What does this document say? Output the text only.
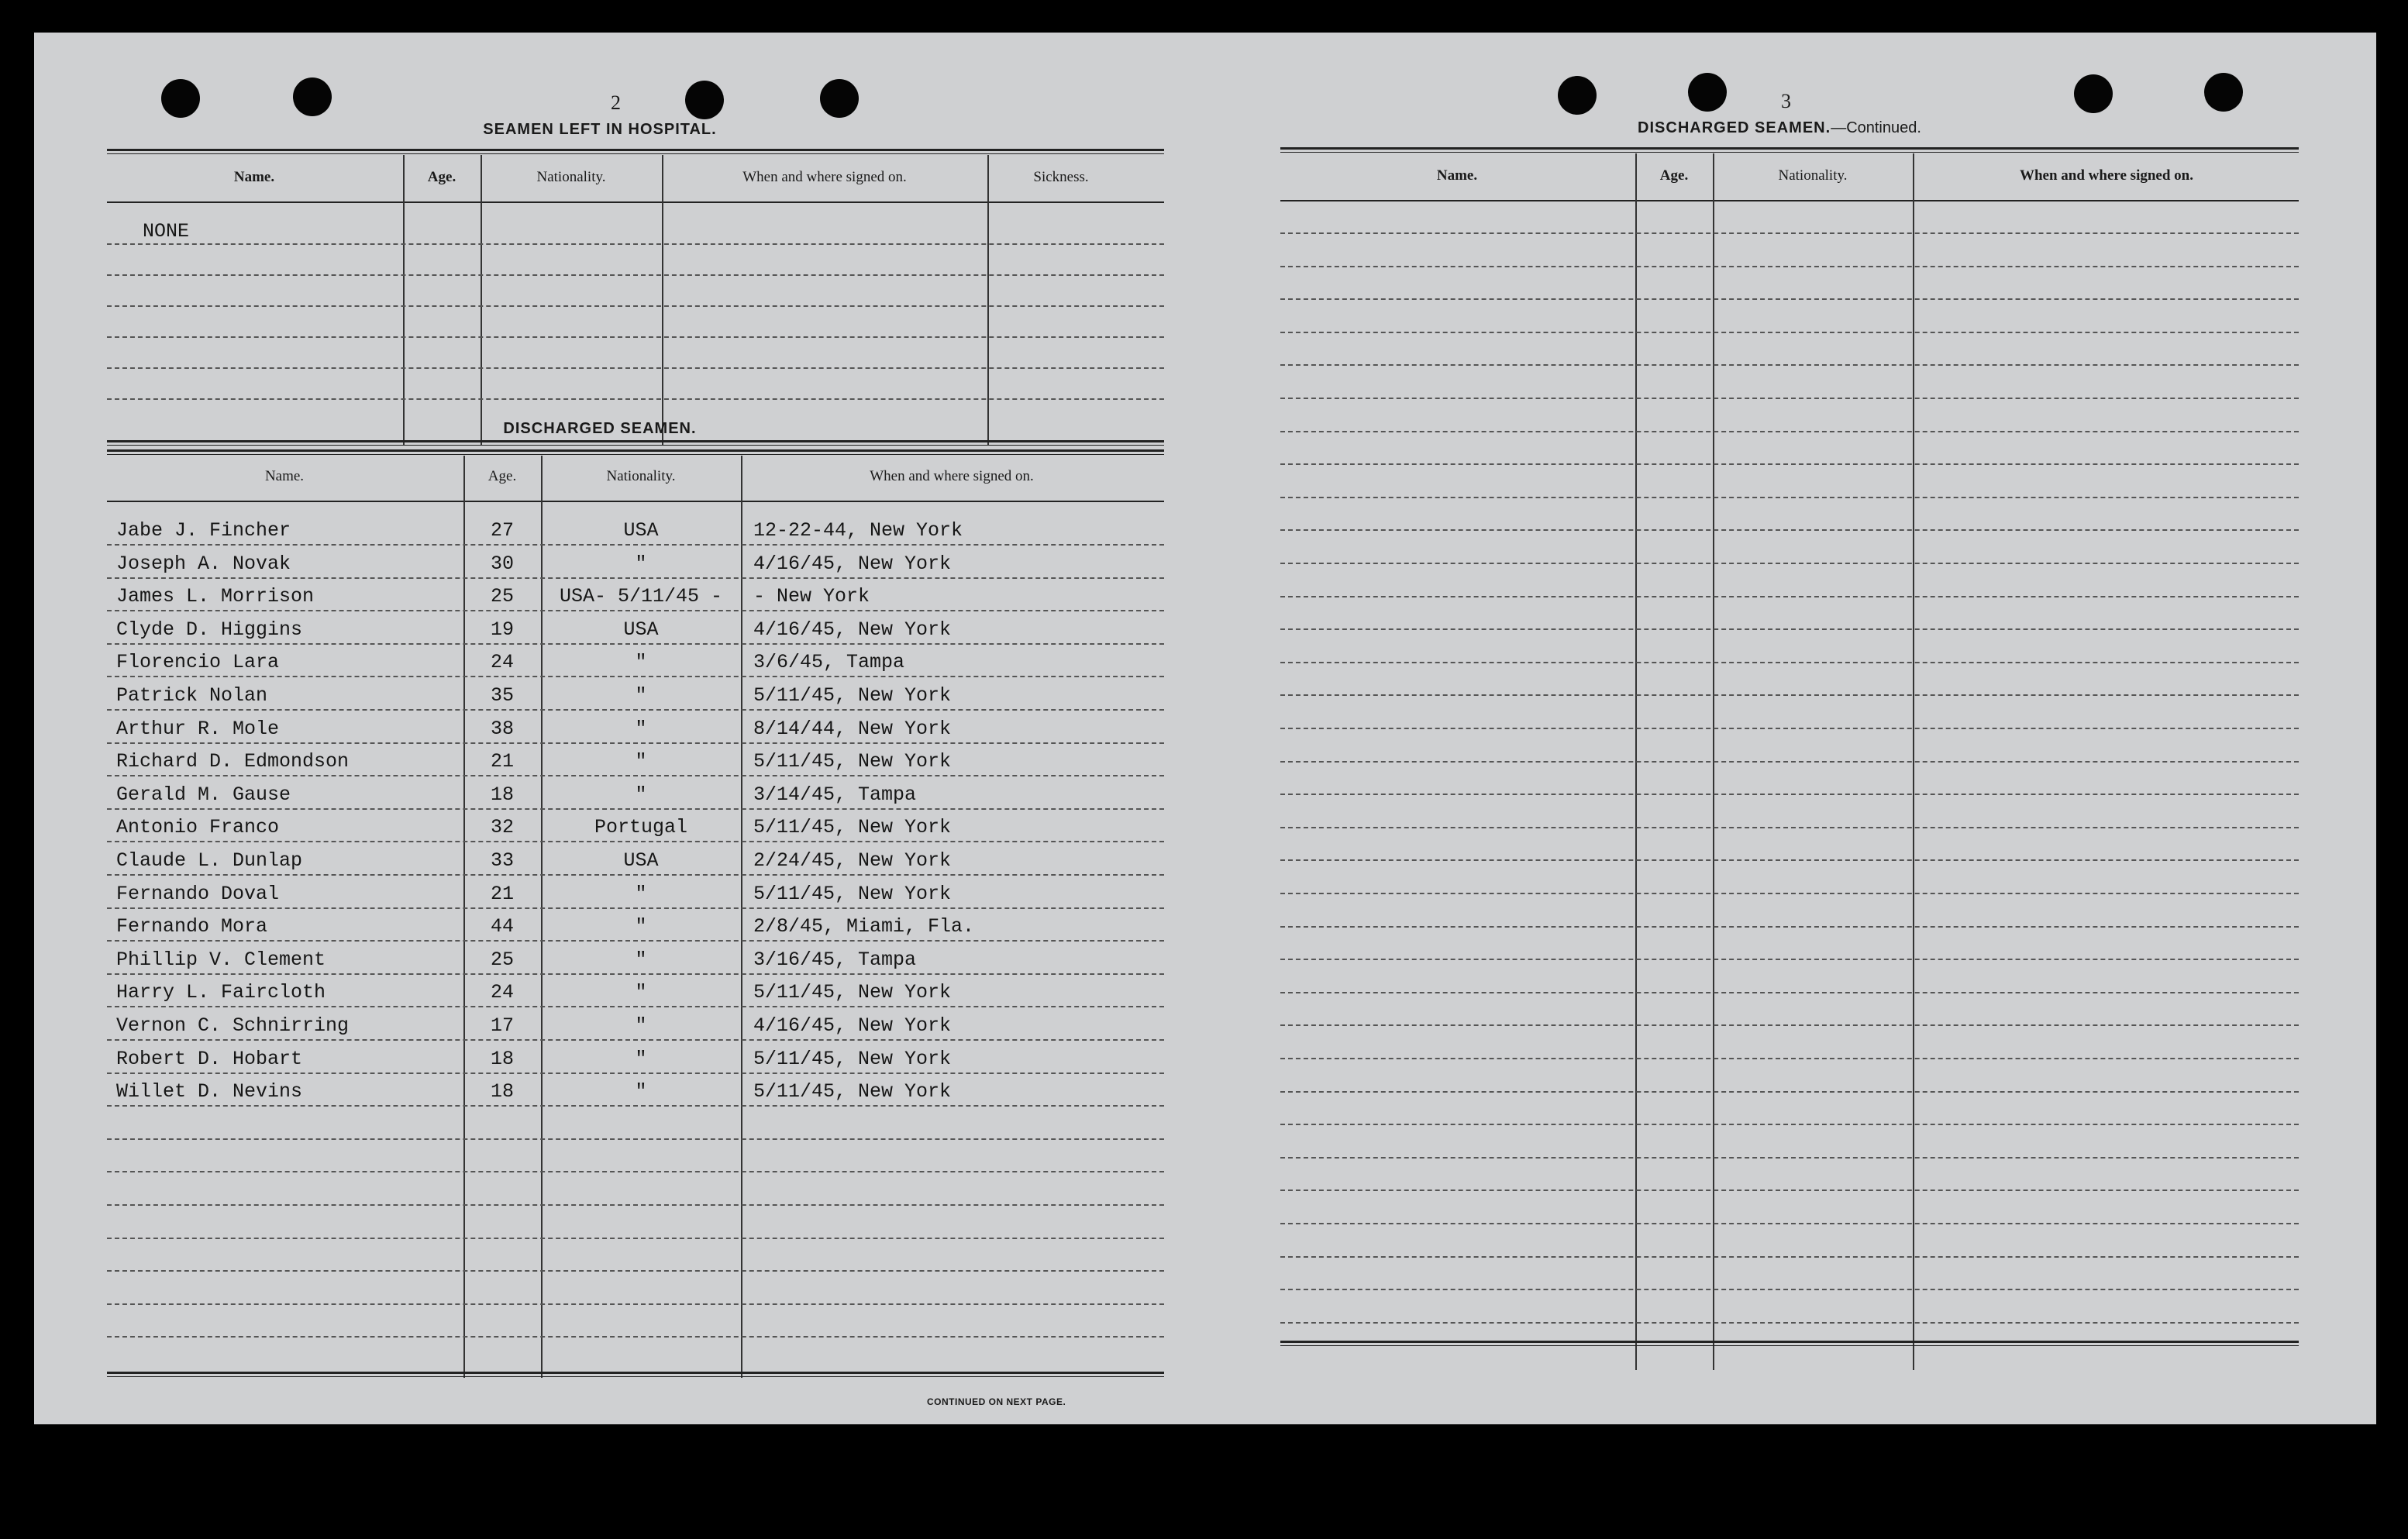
2
SEAMEN LEFT IN HOSPITAL.
Name.	Age.	Nationality.	When and where signed on.	Sickness.
NONE
DISCHARGED SEAMEN.
Name.	Age.	Nationality.	When and where signed on.
Jabe J. Fincher	27	USA	12-22-44, New York
Joseph A. Novak	30	"	4/16/45, New York
James L. Morrison	25	USA- 5/11/45 -	- New York
Clyde D. Higgins	19	USA	4/16/45, New York
Florencio Lara	24	"	3/6/45, Tampa
Patrick Nolan	35	"	5/11/45, New York
Arthur R. Mole	38	"	8/14/44, New York
Richard D. Edmondson	21	"	5/11/45, New York
Gerald M. Gause	18	"	3/14/45, Tampa
Antonio Franco	32	Portugal	5/11/45, New York
Claude L. Dunlap	33	USA	2/24/45, New York
Fernando Doval	21	"	5/11/45, New York
Fernando Mora	44	"	2/8/45, Miami, Fla.
Phillip V. Clement	25	"	3/16/45, Tampa
Harry L. Faircloth	24	"	5/11/45, New York
Vernon C. Schnirring	17	"	4/16/45, New York
Robert D. Hobart	18	"	5/11/45, New York
Willet D. Nevins	18	"	5/11/45, New York
CONTINUED ON NEXT PAGE.
3
DISCHARGED SEAMEN.—Continued.
Name.	Age.	Nationality.	When and where signed on.
